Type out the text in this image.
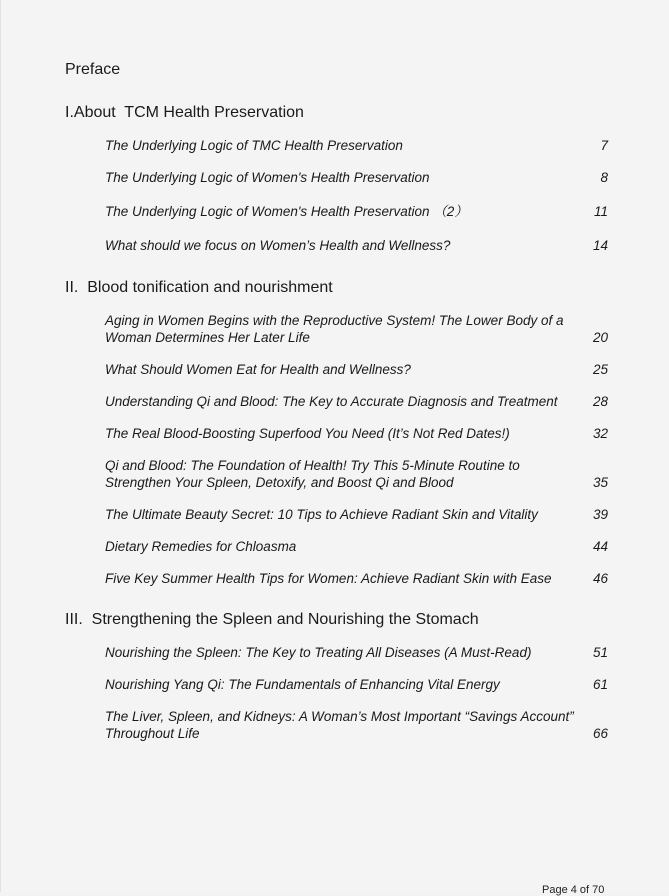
Preface
I.About  TCM Health Preservation
The Underlying Logic of TMC Health Preservation	7
The Underlying Logic of Women's Health Preservation	8
The Underlying Logic of Women's Health Preservation （2）	11
What should we focus on Women’s Health and Wellness?	14
II.  Blood tonification and nourishment
Aging in Women Begins with the Reproductive System! The Lower Body of a Woman Determines Her Later Life	20
What Should Women Eat for Health and Wellness?	25
Understanding Qi and Blood: The Key to Accurate Diagnosis and Treatment	28
The Real Blood-Boosting Superfood You Need (It’s Not Red Dates!)	32
Qi and Blood: The Foundation of Health! Try This 5-Minute Routine to Strengthen Your Spleen, Detoxify, and Boost Qi and Blood	35
The Ultimate Beauty Secret: 10 Tips to Achieve Radiant Skin and Vitality	39
Dietary Remedies for Chloasma	44
Five Key Summer Health Tips for Women: Achieve Radiant Skin with Ease	46
III.  Strengthening the Spleen and Nourishing the Stomach
Nourishing the Spleen: The Key to Treating All Diseases (A Must-Read)	51
Nourishing Yang Qi: The Fundamentals of Enhancing Vital Energy	61
The Liver, Spleen, and Kidneys: A Woman’s Most Important “Savings Account” Throughout Life	66
Page 4 of 70
